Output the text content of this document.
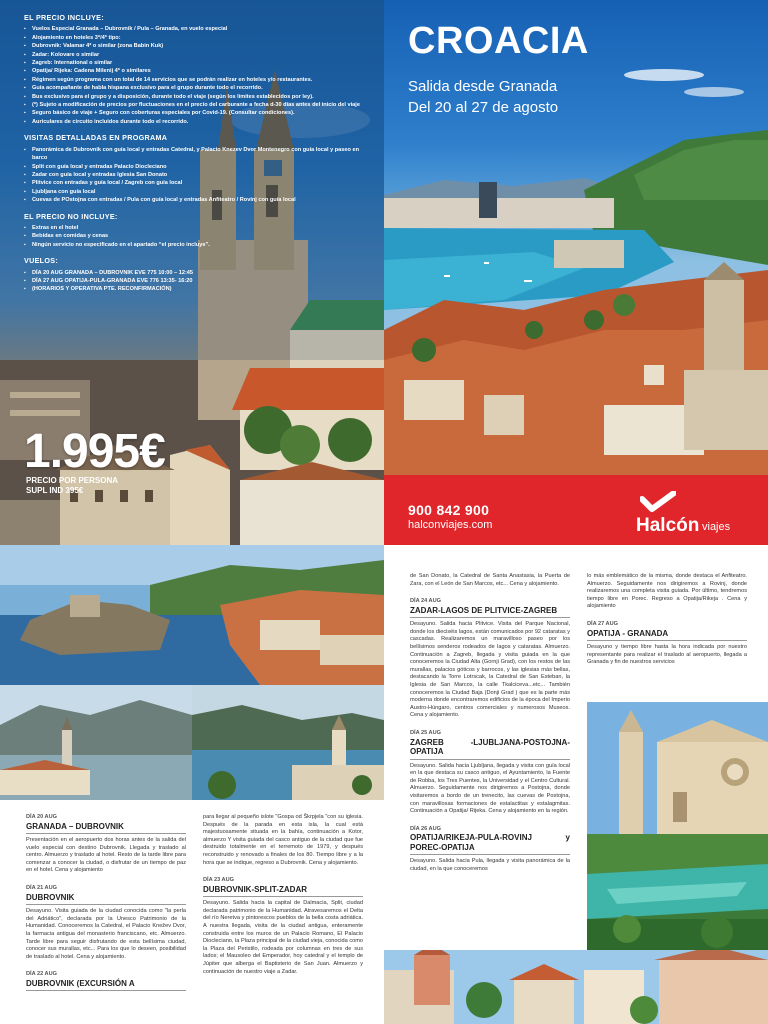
EL PRECIO INCLUYE:
▪ Vuelos Especial Granada – Dubrovnik / Pula – Granada, en vuelo especial
▪ Alojamiento en hoteles 3*/4* tipo:
▪ Dubrovnik: Valamar 4* o similar (zona Babin Kuk)
▪ Zadar: Kolovare o similar
▪ Zagreb: International o similar
▪ Opatija/ Rijeka: Cadena Milenij 4* o similares
▪ Régimen según programa con un total de 14 servicios que se podrán realizar en hoteles y/o restaurantes.
▪ Guía acompañante de habla hispana exclusivo para el grupo durante todo el recorrido.
▪ Bus exclusivo para el grupo y a disposición, durante todo el viaje (según los límites establecidos por ley).
▪ (*) Sujeto a modificación de precios por fluctuaciones en el precio del carburante a fecha d-30 días antes del inicio del viaje
▪ Seguro básico de viaje + Seguro con coberturas especiales por Covid-19. (Consultar condiciones).
▪ Auriculares de circuito incluidos durante todo el recorrido.
VISITAS DETALLADAS EN PROGRAMA
▪ Panorámica de Dubrovnik con guía local y entradas Catedral, y Palacio Knezev Dvor Montenegro con guía local y paseo en barco
▪ Split con guía local y entradas Palacio Diocleciano
▪ Zadar con guía local y entradas Iglesia San Donato
▪ Plitvice con entradas y guía local / Zagreb con guía local
▪ Ljubljana con guía local
▪ Cuevas de POstojna con entradas / Pula con guía local y entradas Anfiteatro / Rovinj con guía local
EL PRECIO NO INCLUYE:
▪ Extras en el hotel
▪ Bebidas en comidas y cenas
▪ Ningún servicio no especificado en el apartado “el precio incluye”.
VUELOS:
▪ DÍA 20 AUG GRANADA – DUBROVNIK EVE 775 10:00 – 12:45
▪ DÍA 27 AUG OPATIJA-PULA-GRANADA EVE 776 13:35- 16:20
▪ (HORARIOS Y OPERATIVA PTE. RECONFIRMACIÓN)
1.995€
PRECIO POR PERSONA
SUPL IND 395€
CROACIA
Salida desde Granada
Del 20 al 27 de agosto
900 842 900
halconviajes.com	Halcón viajes
DÍA 20 AUG
GRANADA – DUBROVNIK
Presentación en el aeropuerto dos horas antes de la salida del vuelo especial con destino Dubrovnik. Llegada y traslado al centro. Almuerzo y traslado al hotel. Resto de la tarde libre para comenzar a conocer la ciudad, o disfrutar de un tiempo de paz en el hotel. Cena y alojamiento
DÍA 21 AUG
DUBROVNIK
Desayuno. Visita guiada de la ciudad conocida como "la perla del Adriático", declarada por la Unesco Patrimonio de la Humanidad. Conoceremos la Catedral, el Palacio Knežev Dvor, la farmacia antigua del monasterio franciscano, etc. Almuerzo. Tarde libre para seguir disfrutando de esta bellísima ciudad, conocer sus murallas, etc... Para los que lo deseen, posibilidad de traslado al hotel. Cena y alojamiento.
DÍA 22 AUG
DUBROVNIK (EXCURSIÓN A
para llegar al pequeño islote "Gospa od Škrpjela "con su iglesia. Después de la parada en esta isla, la cual está majestuosamente situada en la bahía, continuación a Kotor, almuerzo Y visita guiada del casco antiguo de la ciudad que fue destruido totalmente en el terremoto de 1979, y después reconstruido y renovado a finales de los 80. Tiempo libre y a la hora que se indique, regreso a Dubrovnik. Cena y alojamiento.
DÍA 23 AUG
DUBROVNIK-SPLIT-ZADAR
Desayuno. Salida hacia la capital de Dalmacia, Split, ciudad declarada patrimonio de la Humanidad. Atravesaremos el Delta del río Neretva y pintorescos pueblos de la bella costa adriática. A nuestra llegada, visita de la ciudad antigua, enteramente construida entre los muros de un Palacio Romano, El Palacio Diocleciano, la Plaza principal de la ciudad vieja, conocida como la Plaza del Peristilo, rodeada por columnas en tres de sus lados; el Mausoleo del Emperador, hoy catedral y el templo de Júpiter que alberga el Baptisterio de San Juan. Almuerzo y continuación de nuestro viaje a Zadar.
de San Donato, la Catedral de Santa Anastasia, la Puerta de Zara, con el León de San Marcos, etc... Cena y alojamiento.
DÍA 24 AUG
ZADAR-LAGOS DE PLITVICE-ZAGREB
Desayuno. Salida hacia Plitvice. Visita del Parque Nacional, donde los dieciséis lagos, están comunicados por 92 cataratas y cascadas. Realizaremos un maravilloso paseo por los bellísimos senderos rodeados de lagos y cataratas. Almuerzo. Continuación a Zagreb, llegada y visita guiada en la que conoceremos la Ciudad Alta (Gornji Grad), con los restos de las murallas, palacios góticos y barrocos, y las iglesias más bellas, destacando la Torre Lotrscak, la Catedral de San Esteban, la Iglesia de San Marcos, la calle Tkalciceva...etc... También conoceremos la Ciudad Baja (Donji Grad ) que es la parte más moderna donde encontraremos edificios de la época del Imperio Austro-Húngaro, centros comerciales y numerosos Museos. Cena y alojamiento.
DÍA 25 AUG
ZAGREB -LJUBLJANA-POSTOJNA-OPATIJA
Desayuno. Salida hacia Ljubljana, llegada y visita con guía local en la que destaca su casco antiguo, el Ayuntamiento, la Fuente de Robba, los Tres Puentes, la Universidad y el Centro Cultural. Almuerzo. Seguidamente nos dirigiremos a Postojna, donde visitaremos a bordo de un trenecito, las cuevas de Postojna, con maravillosas formaciones de estalactitas y estalagmitas. Continuación a Opatija/ Rijeka. Cena y alojamiento en la región.
DÍA 26 AUG
OPATIJA/RIKEJA-PULA-ROVINJ y POREC-OPATIJA
Desayuno. Salida hacia Pula, llegada y visita panorámica de la ciudad, en la que conoceremos
lo más emblemático de la misma, donde destaca el Anfiteatro. Almuerzo. Seguidamente nos dirigiremos a Rovinj, donde realizaremos una completa visita guiada. Por último, tendremos tiempo libre en Porec. Regreso a Opatija/Rikeja . Cena y alojamiento
DÍA 27 AUG
OPATIJA - GRANADA
Desayuno y tiempo libre hasta la hora indicada por nuestro representante para realizar el traslado al aeropuerto, llegada a Granada y fin de nuestros servicios
